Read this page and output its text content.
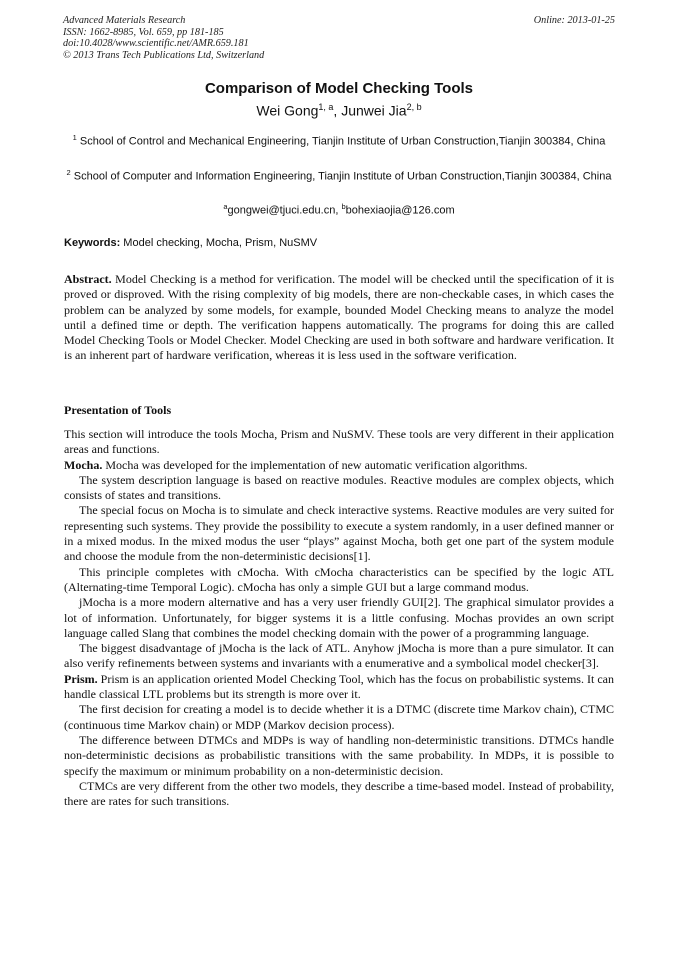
Advanced Materials Research
ISSN: 1662-8985, Vol. 659, pp 181-185
doi:10.4028/www.scientific.net/AMR.659.181
© 2013 Trans Tech Publications Ltd, Switzerland
Online: 2013-01-25
Comparison of Model Checking Tools
Wei Gong$^{1, a}$, Junwei Jia$^{2, b}$
$^1$ School of Control and Mechanical Engineering, Tianjin Institute of Urban Construction,Tianjin 300384, China
$^2$ School of Computer and Information Engineering, Tianjin Institute of Urban Construction,Tianjin 300384, China
$^a$gongwei@tjuci.edu.cn, $^b$bohexiaojia@126.com
Keywords: Model checking, Mocha, Prism, NuSMV

Abstract. Model Checking is a method for verification. The model will be checked until the specification of it is proved or disproved. With the rising complexity of big models, there are non-checkable cases, in which cases the problem can be analyzed by some models, for example, bounded Model Checking means to analyze the model until a defined time or depth. The verification happens automatically. The programs for doing this are called Model Checking Tools or Model Checker. Model Checking are used in both software and hardware verification. It is an inherent part of hardware verification, whereas it is less used in the software verification.

Presentation of Tools

This section will introduce the tools Mocha, Prism and NuSMV. These tools are very different in their application areas and functions.

Mocha. Mocha was developed for the implementation of new automatic verification algorithms.

The system description language is based on reactive modules. Reactive modules are complex objects, which consists of states and transitions.

The special focus on Mocha is to simulate and check interactive systems. Reactive modules are very suited for representing such systems. They provide the possibility to execute a system randomly, in a user defined manner or in a mixed modus. In the mixed modus the user “plays” against Mocha, both get one part of the system module and choose the module from the non-deterministic decisions[1].

This principle completes with cMocha. With cMocha characteristics can be specified by the logic ATL (Alternating-time Temporal Logic). cMocha has only a simple GUI but a large command modus.

jMocha is a more modern alternative and has a very user friendly GUI[2]. The graphical simulator provides a lot of information. Unfortunately, for bigger systems it is a little confusing. Mochas provides an own script language called Slang that combines the model checking domain with the power of a programming language.

The biggest disadvantage of jMocha is the lack of ATL. Anyhow jMocha is more than a pure simulator. It can also verify refinements between systems and invariants with a enumerative and a symbolical model checker[3].

Prism. Prism is an application oriented Model Checking Tool, which has the focus on probabilistic systems. It can handle classical LTL problems but its strength is more over it.

The first decision for creating a model is to decide whether it is a DTMC (discrete time Markov chain), CTMC (continuous time Markov chain) or MDP (Markov decision process).

The difference between DTMCs and MDPs is way of handling non-deterministic transitions. DTMCs handle non-deterministic decisions as probabilistic transitions with the same probability. In MDPs, it is possible to specify the maximum or minimum probability on a non-deterministic decision.

CTMCs are very different from the other two models, they describe a time-based model. Instead of probability, there are rates for such transitions.
